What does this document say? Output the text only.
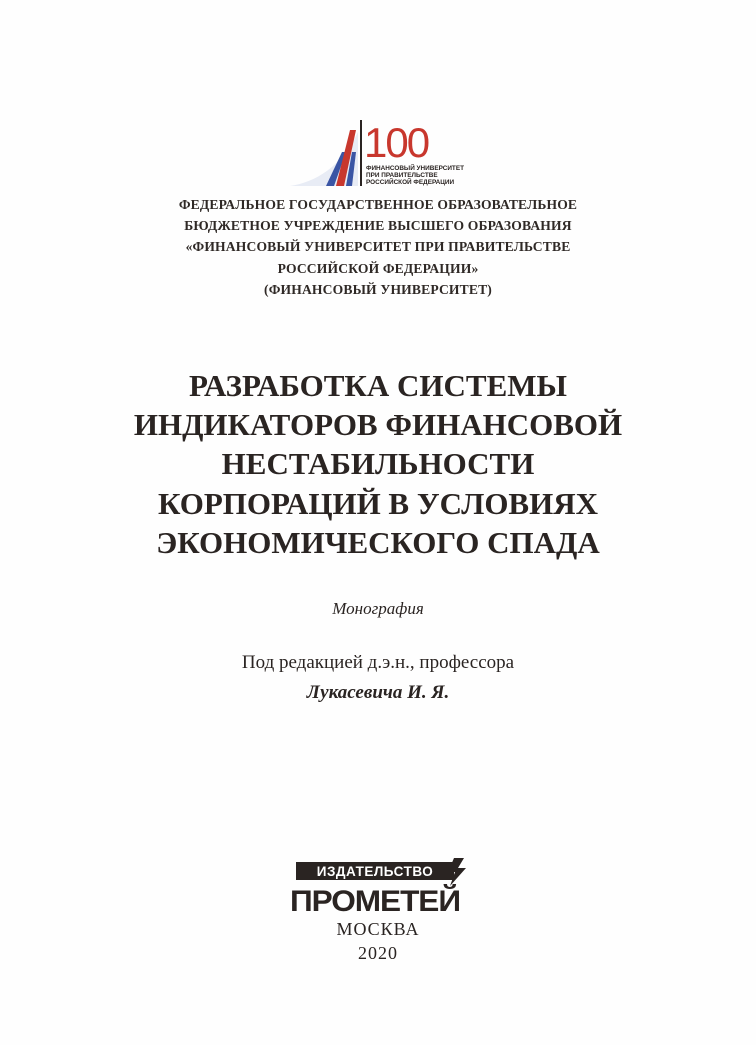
100
ФИНАНСОВЫЙ УНИВЕРСИТЕТ
ПРИ ПРАВИТЕЛЬСТВЕ
РОССИЙСКОЙ ФЕДЕРАЦИИ
ФЕДЕРАЛЬНОЕ ГОСУДАРСТВЕННОЕ ОБРАЗОВАТЕЛЬНОЕ
БЮДЖЕТНОЕ УЧРЕЖДЕНИЕ ВЫСШЕГО ОБРАЗОВАНИЯ
«ФИНАНСОВЫЙ УНИВЕРСИТЕТ ПРИ ПРАВИТЕЛЬСТВЕ
РОССИЙСКОЙ ФЕДЕРАЦИИ»
(ФИНАНСОВЫЙ УНИВЕРСИТЕТ)
РАЗРАБОТКА СИСТЕМЫ
ИНДИКАТОРОВ ФИНАНСОВОЙ
НЕСТАБИЛЬНОСТИ
КОРПОРАЦИЙ В УСЛОВИЯХ
ЭКОНОМИЧЕСКОГО СПАДА
Монография
Под редакцией д.э.н., профессора
Лукасевича И. Я.
ИЗДАТЕЛЬСТВО
ПРОМЕТЕЙ
МОСКВА
2020
